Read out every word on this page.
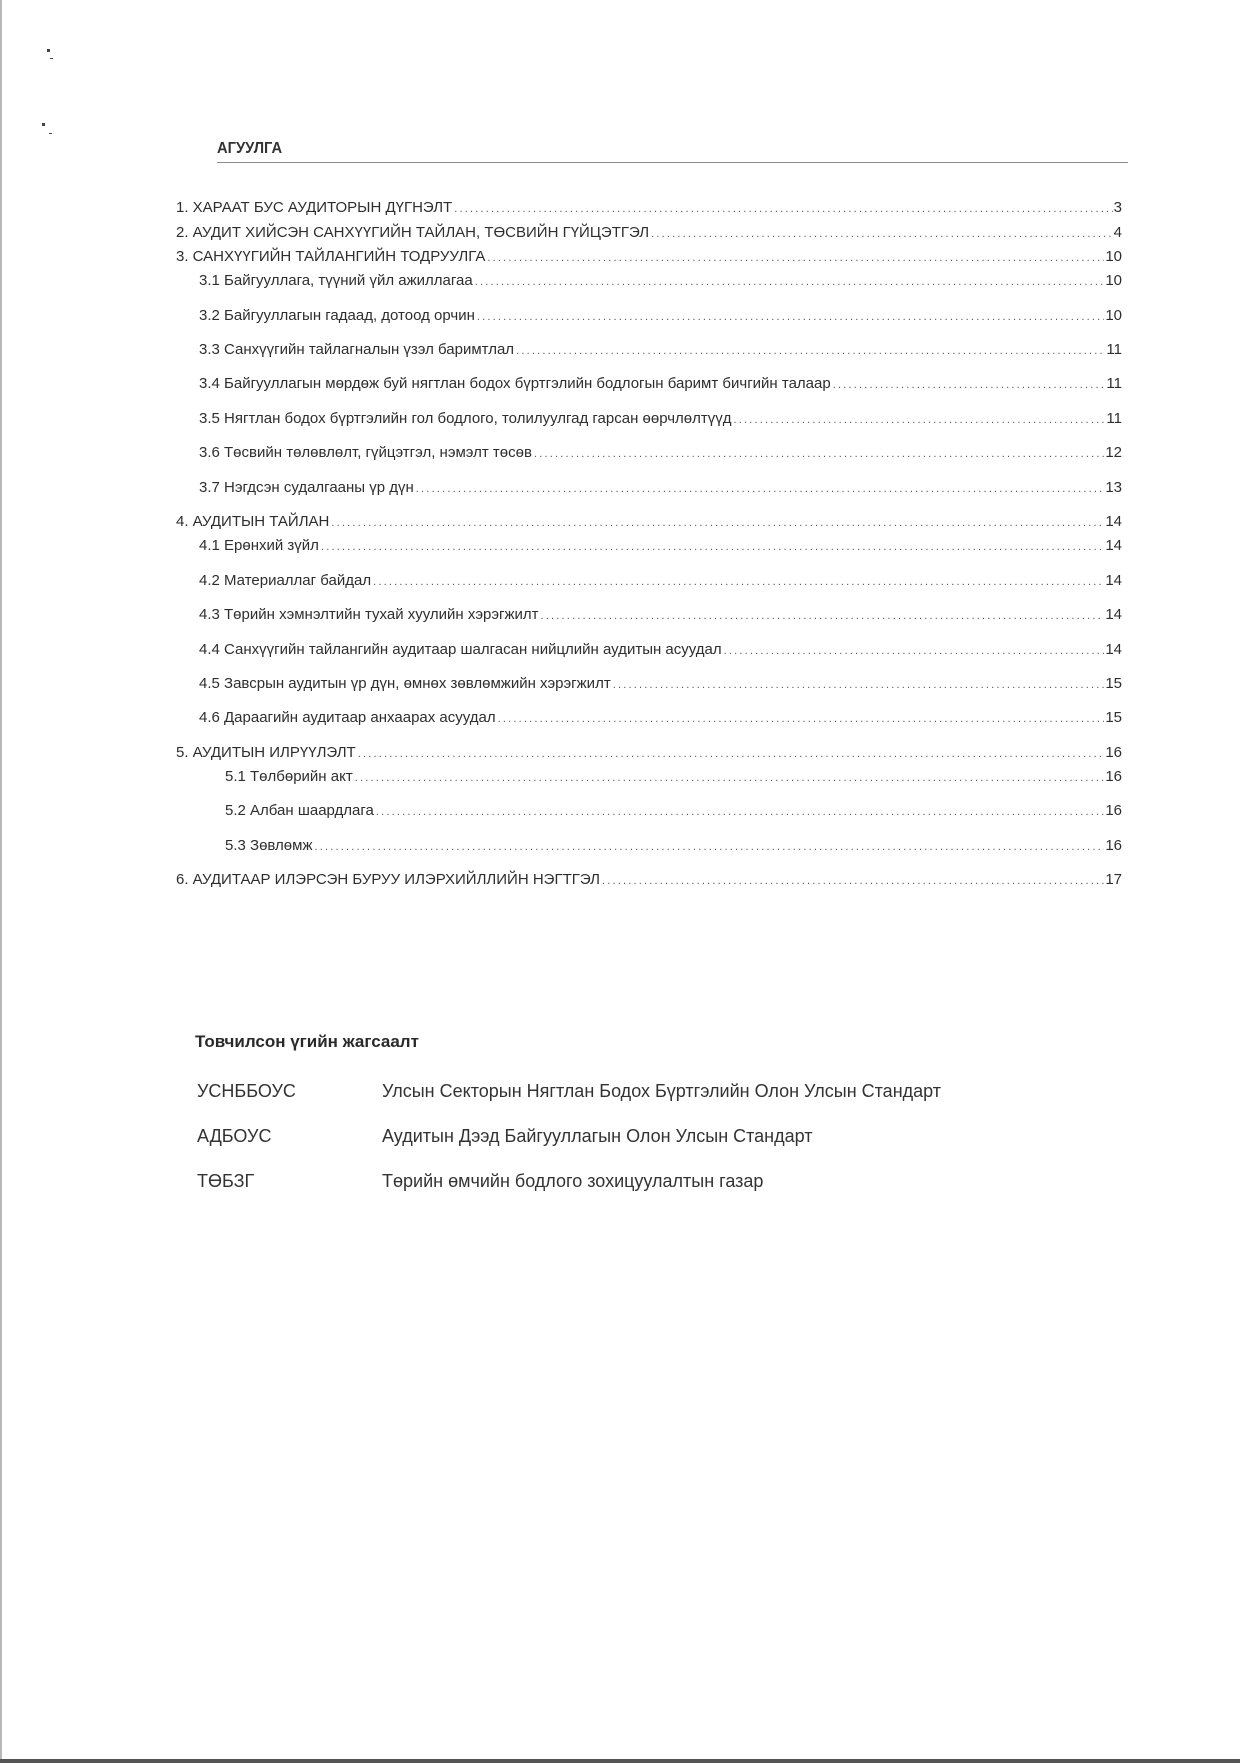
АГУУЛГА
1. ХАРААТ БУС АУДИТОРЫН ДҮГНЭЛТ .....	3
2. АУДИТ ХИЙСЭН САНХҮҮГИЙН ТАЙЛАН, ТӨСВИЙН ГҮЙЦЭТГЭЛ .....	4
3. САНХҮҮГИЙН ТАЙЛАНГИЙН ТОДРУУЛГА .....	10
3.1 Байгууллага, түүний үйл ажиллагаа .....	10
3.2 Байгууллагын гадаад, дотоод орчин .....	10
3.3 Санхүүгийн тайлагналын үзэл баримтлал .....	11
3.4 Байгууллагын мөрдөж буй нягтлан бодох бүртгэлийн бодлогын баримт бичгийн талаар .....	11
3.5 Нягтлан бодох бүртгэлийн гол бодлого, толилуулгад гарсан өөрчлөлтүүд .....	11
3.6 Төсвийн төлөвлөлт, гүйцэтгэл, нэмэлт төсөв .....	12
3.7 Нэгдсэн судалгааны үр дүн .....	13
4. АУДИТЫН ТАЙЛАН .....	14
4.1 Ерөнхий зүйл .....	14
4.2 Материаллаг байдал .....	14
4.3 Төрийн хэмнэлтийн тухай хуулийн хэрэгжилт .....	14
4.4 Санхүүгийн тайлангийн аудитаар шалгасан нийцлийн аудитын асуудал .....	14
4.5 Завсрын аудитын үр дүн, өмнөх зөвлөмжийн хэрэгжилт .....	15
4.6 Дараагийн аудитаар анхаарах асуудал .....	15
5. АУДИТЫН ИЛРҮҮЛЭЛТ .....	16
5.1 Төлбөрийн акт .....	16
5.2 Албан шаардлага .....	16
5.3 Зөвлөмж .....	16
6. АУДИТААР ИЛЭРСЭН БУРУУ ИЛЭРХИЙЛЛИЙН НЭГТГЭЛ .....	17
Товчилсон үгийн жагсаалт
УСНББОУС	Улсын Секторын Нягтлан Бодох Бүртгэлийн Олон Улсын Стандарт
АДБОУС	Аудитын Дээд Байгууллагын Олон Улсын Стандарт
ТӨБЗГ	Төрийн өмчийн бодлого зохицуулалтын газар
